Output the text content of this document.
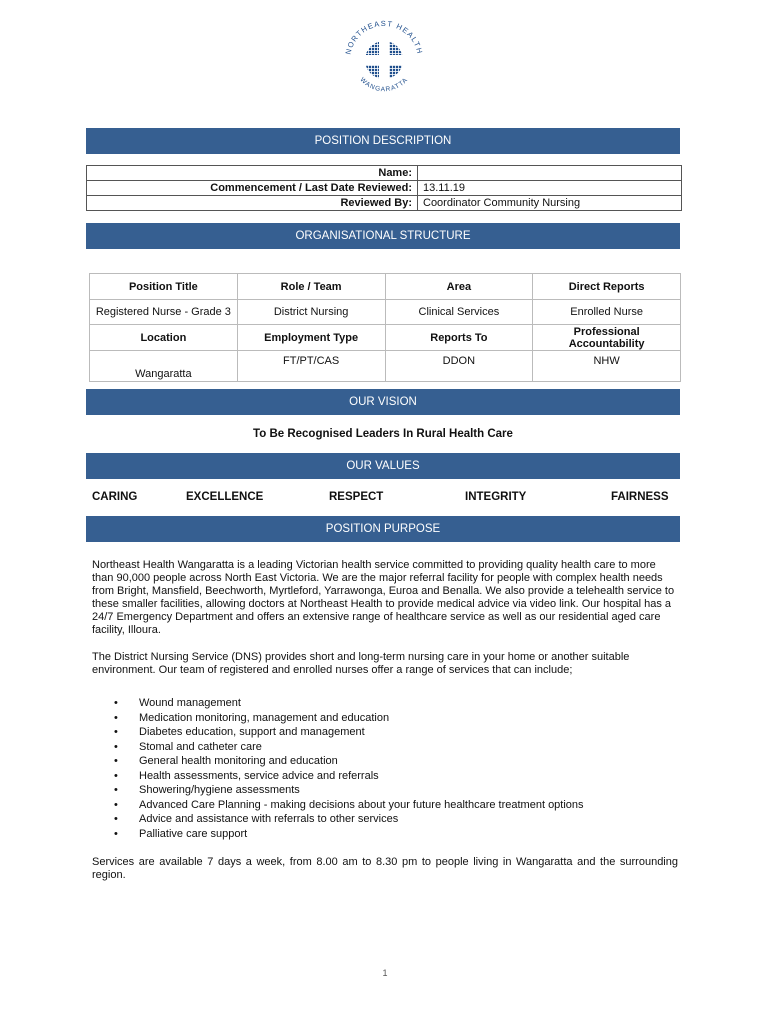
NORTHEAST HEALTH
WANGARATTA
POSITION DESCRIPTION
Name:	
Commencement / Last Date Reviewed:	13.11.19
Reviewed By:	Coordinator Community Nursing
ORGANISATIONAL STRUCTURE
Position Title	Role / Team	Area	Direct Reports
Registered Nurse - Grade 3	District Nursing	Clinical Services	Enrolled Nurse
Location	Employment Type	Reports To	Professional Accountability
Wangaratta	FT/PT/CAS	DDON	NHW
OUR VISION
To Be Recognised Leaders In Rural Health Care
OUR VALUES
CARING	EXCELLENCE	RESPECT	INTEGRITY	FAIRNESS
POSITION PURPOSE
Northeast Health Wangaratta is a leading Victorian health service committed to providing quality health care to more than 90,000 people across North East Victoria. We are the major referral facility for people with complex health needs from Bright, Mansfield, Beechworth, Myrtleford, Yarrawonga, Euroa and Benalla. We also provide a telehealth service to these smaller facilities, allowing doctors at Northeast Health to provide medical advice via video link. Our hospital has a 24/7 Emergency Department and offers an extensive range of healthcare service as well as our residential aged care facility, Illoura.
The District Nursing Service (DNS) provides short and long-term nursing care in your home or another suitable environment. Our team of registered and enrolled nurses offer a range of services that can include;
• Wound management
• Medication monitoring, management and education
• Diabetes education, support and management
• Stomal and catheter care
• General health monitoring and education
• Health assessments, service advice and referrals
• Showering/hygiene assessments
• Advanced Care Planning - making decisions about your future healthcare treatment options
• Advice and assistance with referrals to other services
• Palliative care support
Services are available 7 days a week, from 8.00 am to 8.30 pm to people living in Wangaratta and the surrounding region.
1
